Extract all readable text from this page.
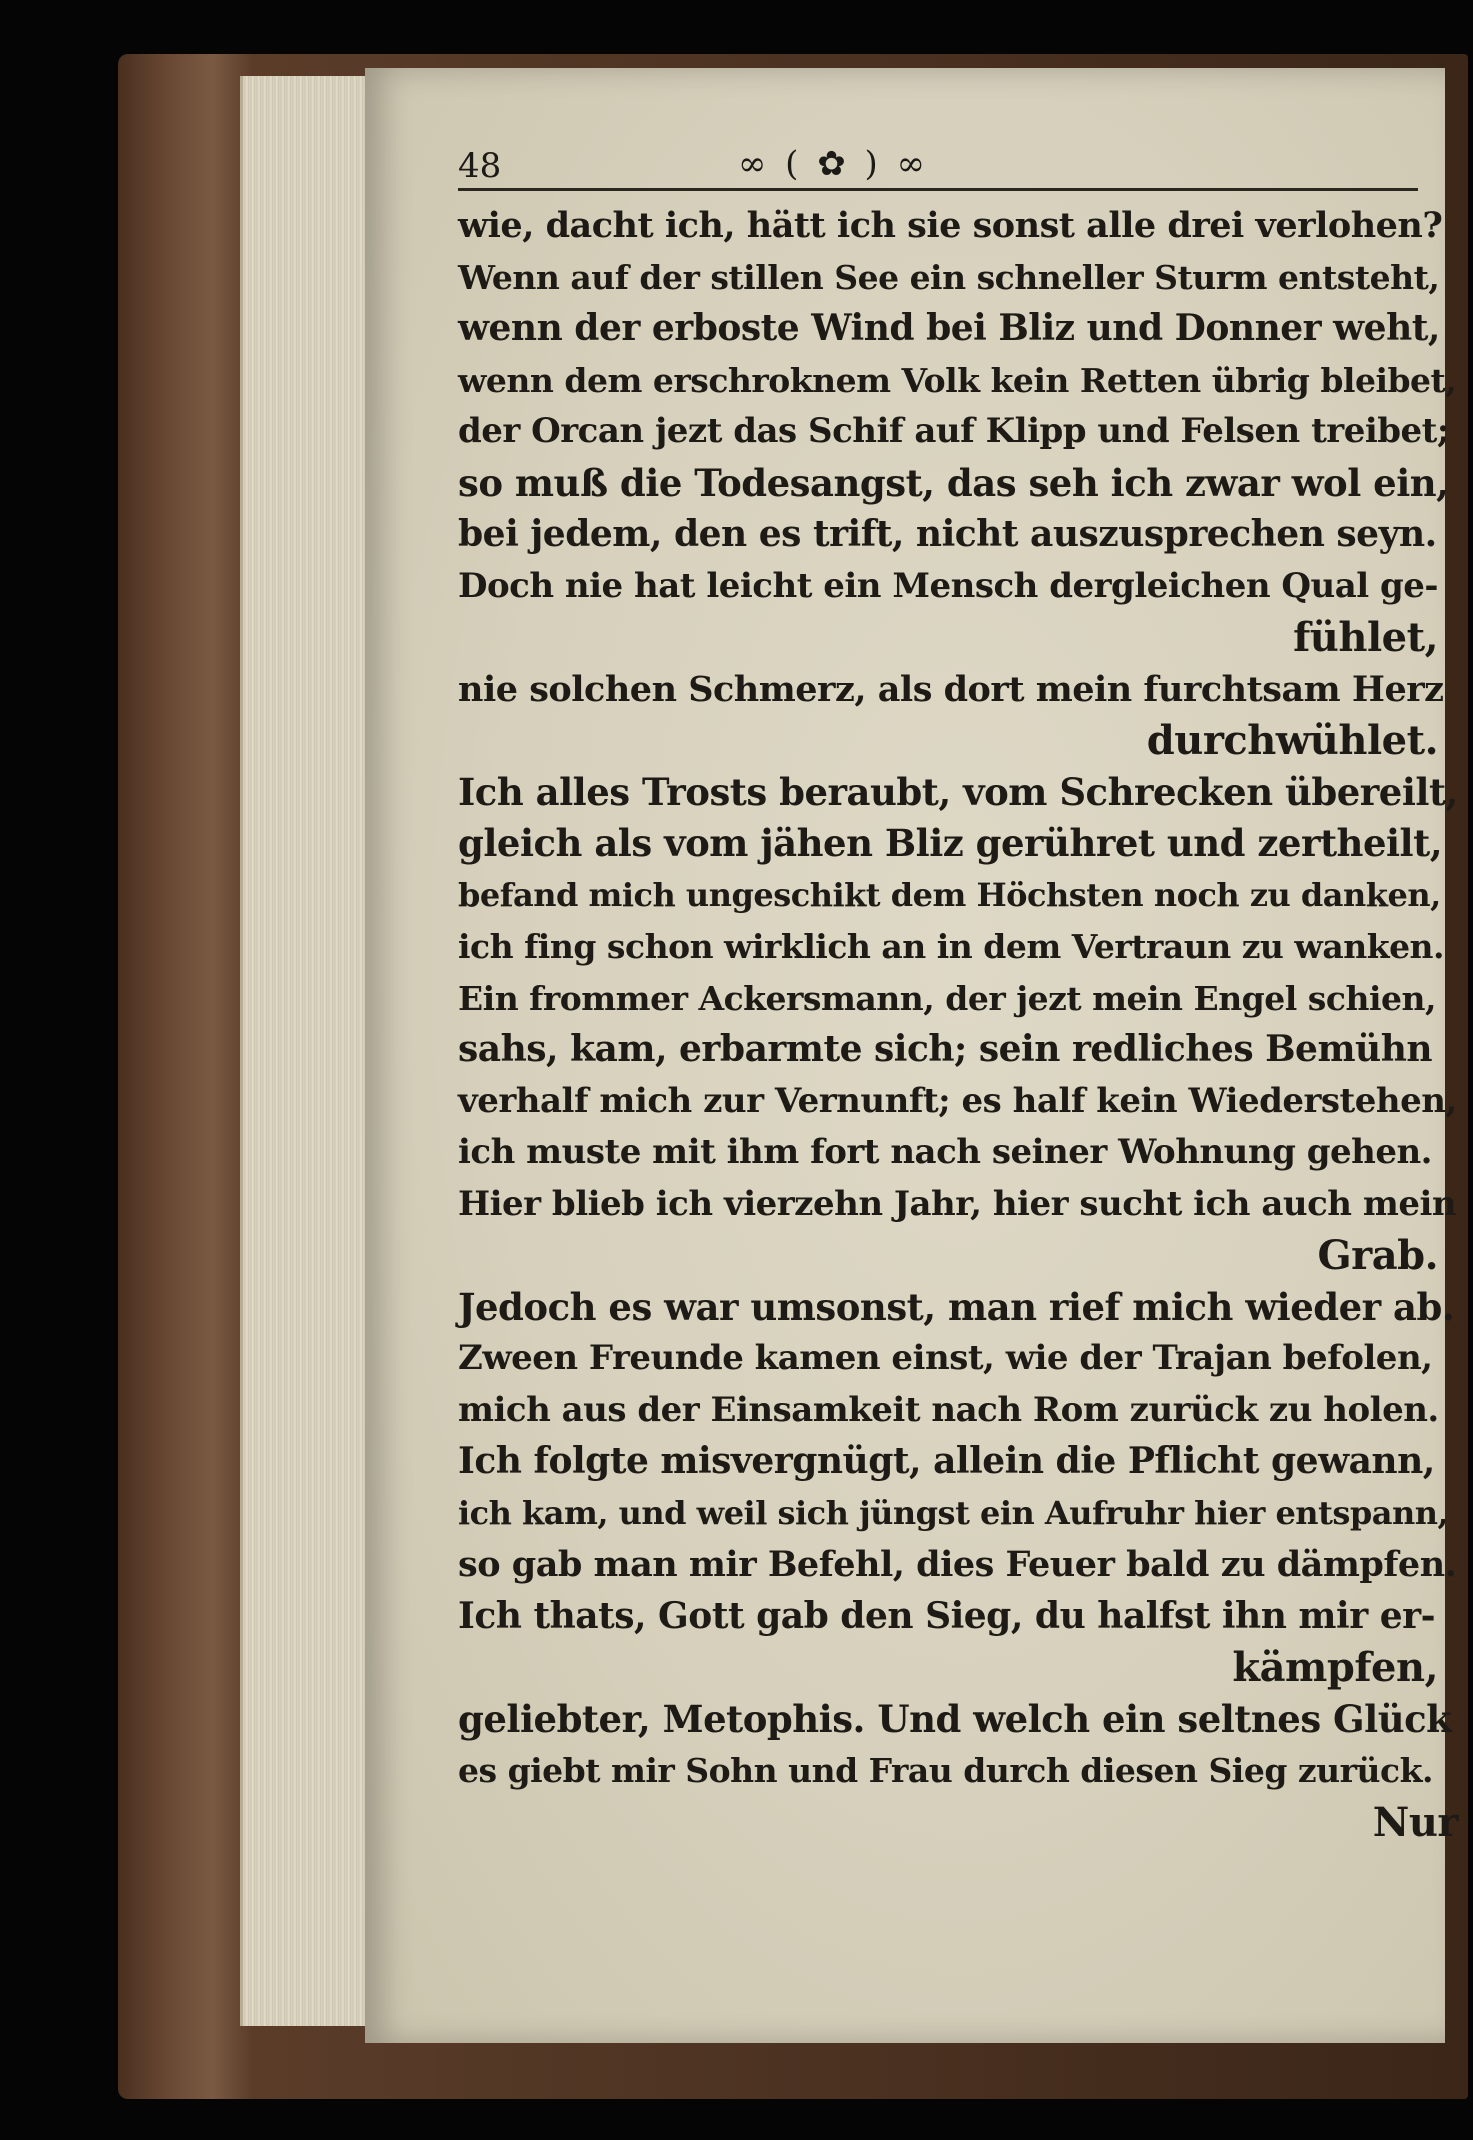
48	∞ ( ✿ ) ∞
wie, dacht ich, hätt ich sie sonst alle drei verlohen?
Wenn auf der stillen See ein schneller Sturm entsteht,
wenn der erboste Wind bei Bliz und Donner weht,
wenn dem erschroknem Volk kein Retten übrig bleibet,
der Orcan jezt das Schif auf Klipp und Felsen treibet;
so muß die Todesangst, das seh ich zwar wol ein,
bei jedem, den es trift, nicht auszusprechen seyn.
Doch nie hat leicht ein Mensch dergleichen Qual ge-
fühlet,
nie solchen Schmerz, als dort mein furchtsam Herz
durchwühlet.
Ich alles Trosts beraubt, vom Schrecken übereilt,
gleich als vom jähen Bliz gerühret und zertheilt,
befand mich ungeschikt dem Höchsten noch zu danken,
ich fing schon wirklich an in dem Vertraun zu wanken.
Ein frommer Ackersmann, der jezt mein Engel schien,
sahs, kam, erbarmte sich; sein redliches Bemühn
verhalf mich zur Vernunft; es half kein Wiederstehen,
ich muste mit ihm fort nach seiner Wohnung gehen.
Hier blieb ich vierzehn Jahr, hier sucht ich auch mein
Grab.
Jedoch es war umsonst, man rief mich wieder ab.
Zween Freunde kamen einst, wie der Trajan befolen,
mich aus der Einsamkeit nach Rom zurück zu holen.
Ich folgte misvergnügt, allein die Pflicht gewann,
ich kam, und weil sich jüngst ein Aufruhr hier entspann,
so gab man mir Befehl, dies Feuer bald zu dämpfen.
Ich thats, Gott gab den Sieg, du halfst ihn mir er-
kämpfen,
geliebter, Metophis. Und welch ein seltnes Glück
es giebt mir Sohn und Frau durch diesen Sieg zurück.
Nur
